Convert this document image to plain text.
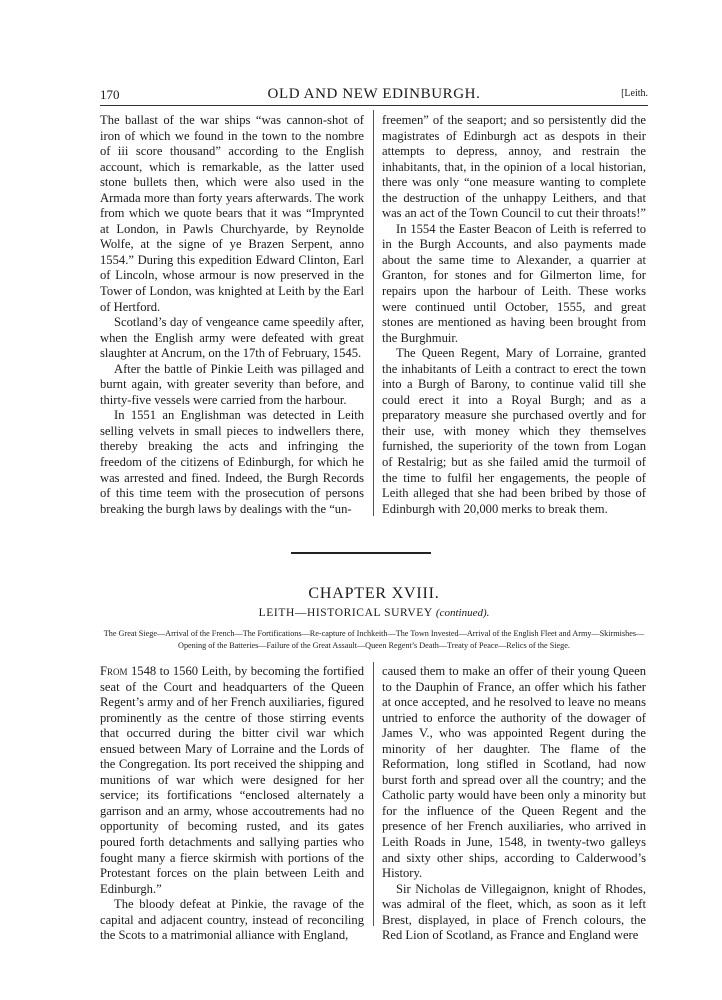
170	OLD AND NEW EDINBURGH.	[Leith.

The ballast of the war ships “was cannon-shot of iron of which we found in the town to the nombre of iii score thousand” according to the English account, which is remarkable, as the latter used stone bullets then, which were also used in the Armada more than forty years afterwards. The work from which we quote bears that it was “Imprynted at London, in Pawls Churchyarde, by Reynolde Wolfe, at the signe of ye Brazen Serpent, anno 1554.” During this expedition Edward Clinton, Earl of Lincoln, whose armour is now preserved in the Tower of London, was knighted at Leith by the Earl of Hertford.

Scotland’s day of vengeance came speedily after, when the English army were defeated with great slaughter at Ancrum, on the 17th of February, 1545.

After the battle of Pinkie Leith was pillaged and burnt again, with greater severity than before, and thirty-five vessels were carried from the harbour.

In 1551 an Englishman was detected in Leith selling velvets in small pieces to indwellers there, thereby breaking the acts and infringing the freedom of the citizens of Edinburgh, for which he was arrested and fined. Indeed, the Burgh Records of this time teem with the prosecution of persons breaking the burgh laws by dealings with the “un-

freemen” of the seaport; and so persistently did the magistrates of Edinburgh act as despots in their attempts to depress, annoy, and restrain the inhabitants, that, in the opinion of a local historian, there was only “one measure wanting to complete the destruction of the unhappy Leithers, and that was an act of the Town Council to cut their throats!”

In 1554 the Easter Beacon of Leith is referred to in the Burgh Accounts, and also payments made about the same time to Alexander, a quarrier at Granton, for stones and for Gilmerton lime, for repairs upon the harbour of Leith. These works were continued until October, 1555, and great stones are mentioned as having been brought from the Burghmuir.

The Queen Regent, Mary of Lorraine, granted the inhabitants of Leith a contract to erect the town into a Burgh of Barony, to continue valid till she could erect it into a Royal Burgh; and as a preparatory measure she purchased overtly and for their use, with money which they themselves furnished, the superiority of the town from Logan of Restalrig; but as she failed amid the turmoil of the time to fulfil her engagements, the people of Leith alleged that she had been bribed by those of Edinburgh with 20,000 merks to break them.

CHAPTER XVIII.
LEITH—HISTORICAL SURVEY (continued).
The Great Siege—Arrival of the French—The Fortifications—Re-capture of Inchkeith—The Town Invested—Arrival of the English Fleet and Army—Skirmishes—Opening of the Batteries—Failure of the Great Assault—Queen Regent’s Death—Treaty of Peace—Relics of the Siege.

From 1548 to 1560 Leith, by becoming the fortified seat of the Court and headquarters of the Queen Regent’s army and of her French auxiliaries, figured prominently as the centre of those stirring events that occurred during the bitter civil war which ensued between Mary of Lorraine and the Lords of the Congregation. Its port received the shipping and munitions of war which were designed for her service; its fortifications “enclosed alternately a garrison and an army, whose accoutrements had no opportunity of becoming rusted, and its gates poured forth detachments and sallying parties who fought many a fierce skirmish with portions of the Protestant forces on the plain between Leith and Edinburgh.”

The bloody defeat at Pinkie, the ravage of the capital and adjacent country, instead of reconciling the Scots to a matrimonial alliance with England,

caused them to make an offer of their young Queen to the Dauphin of France, an offer which his father at once accepted, and he resolved to leave no means untried to enforce the authority of the dowager of James V., who was appointed Regent during the minority of her daughter. The flame of the Reformation, long stifled in Scotland, had now burst forth and spread over all the country; and the Catholic party would have been only a minority but for the influence of the Queen Regent and the presence of her French auxiliaries, who arrived in Leith Roads in June, 1548, in twenty-two galleys and sixty other ships, according to Calderwood’s History.

Sir Nicholas de Villegaignon, knight of Rhodes, was admiral of the fleet, which, as soon as it left Brest, displayed, in place of French colours, the Red Lion of Scotland, as France and England were
